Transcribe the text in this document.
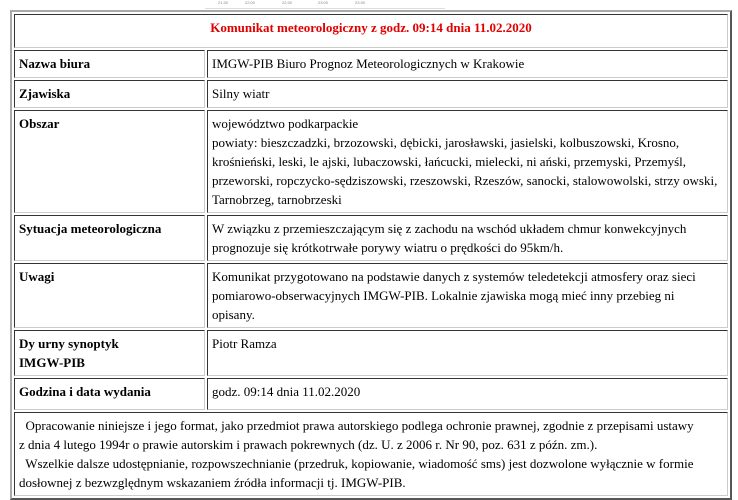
21:30	22:00	22:30	23:00	23:30
Komunikat meteorologiczny z godz. 09:14 dnia 11.02.2020	
Nazwa biura	IMGW-PIB Biuro Prognoz Meteorologicznych w Krakowie
Zjawiska	Silny wiatr
Obszar	województwo podkarpackie
powiaty: bieszczadzki, brzozowski, dębicki, jarosławski, jasielski, kolbuszowski, Krosno,
krośnieński, leski, le ajski, lubaczowski, łańcucki, mielecki, ni ański, przemyski, Przemyśl,
przeworski, ropczycko-sędziszowski, rzeszowski, Rzeszów, sanocki, stalowowolski, strzy owski,
Tarnobrzeg, tarnobrzeski

Sytuacja meteorologiczna	W związku z przemieszczającym się z zachodu na wschód układem chmur konwekcyjnych
prognozuje się krótkotrwałe porywy wiatru o prędkości do 95km/h.

Uwagi	Komunikat przygotowano na podstawie danych z systemów teledetekcji atmosfery oraz sieci
pomiarowo-obserwacyjnych IMGW-PIB. Lokalnie zjawiska mogą mieć inny przebieg ni
opisany.

Dy urny synoptyk
IMGW-PIB	Piotr Ramza
Godzina i data wydania	godz. 09:14 dnia 11.02.2020

Opracowanie niniejsze i jego format, jako przedmiot prawa autorskiego podlega ochronie prawnej, zgodnie z przepisami ustawy
z dnia 4 lutego 1994r o prawie autorskim i prawach pokrewnych (dz. U. z 2006 r. Nr 90, poz. 631 z późn. zm.).
Wszelkie dalsze udostępnianie, rozpowszechnianie (przedruk, kopiowanie, wiadomość sms) jest dozwolone wyłącznie w formie
dosłownej z bezwzględnym wskazaniem źródła informacji tj. IMGW-PIB.	
